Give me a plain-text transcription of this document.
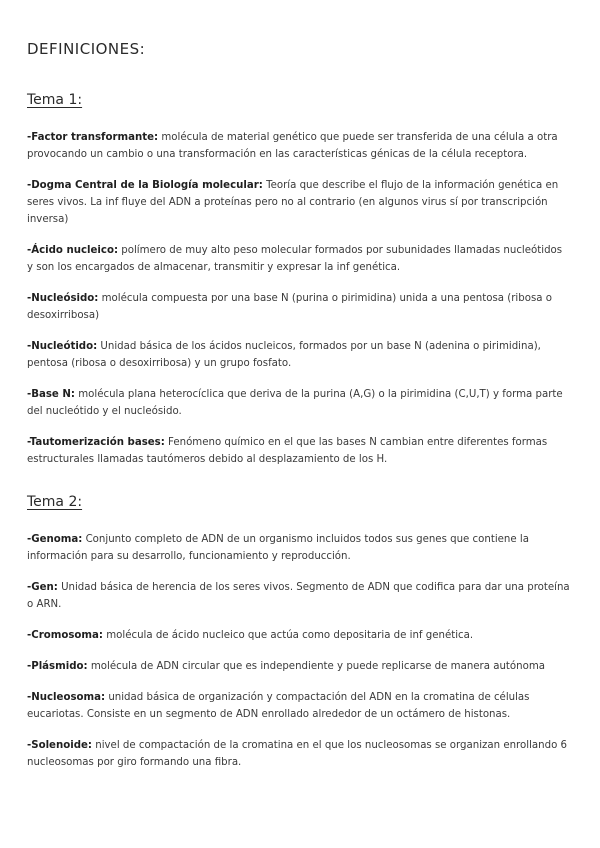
DEFINICIONES:
Tema 1:

-Factor transformante: molécula de material genético que puede ser transferida de una célula a otra provocando un cambio o una transformación en las características génicas de la célula receptora.

-Dogma Central de la Biología molecular: Teoría que describe el flujo de la información genética en seres vivos. La inf fluye del ADN a proteínas pero no al contrario (en algunos virus sí por transcripción inversa)

-Ácido nucleico: polímero de muy alto peso molecular formados por subunidades llamadas nucleótidos y son los encargados de almacenar, transmitir y expresar la inf genética.

-Nucleósido: molécula compuesta por una base N (purina o pirimidina) unida a una pentosa (ribosa o desoxirribosa)

-Nucleótido: Unidad básica de los ácidos nucleicos, formados por un base N (adenina o pirimidina), pentosa (ribosa o desoxirribosa) y un grupo fosfato.

-Base N: molécula plana heterocíclica que deriva de la purina (A,G) o la pirimidina (C,U,T) y forma parte del nucleótido y el nucleósido.

-Tautomerización bases: Fenómeno químico en el que las bases N cambian entre diferentes formas estructurales llamadas tautómeros debido al desplazamiento de los H.

Tema 2:

-Genoma: Conjunto completo de ADN de un organismo incluidos todos sus genes que contiene la información para su desarrollo, funcionamiento y reproducción.

-Gen: Unidad básica de herencia de los seres vivos. Segmento de ADN que codifica para dar una proteína o ARN.

-Cromosoma: molécula de ácido nucleico que actúa como depositaria de inf genética.

-Plásmido: molécula de ADN circular que es independiente y puede replicarse de manera autónoma

-Nucleosoma: unidad básica de organización y compactación del ADN en la cromatina de células eucariotas. Consiste en un segmento de ADN enrollado alrededor de un octámero de histonas.

-Solenoide: nivel de compactación de la cromatina en el que los nucleosomas se organizan enrollando 6 nucleosomas por giro formando una fibra.
